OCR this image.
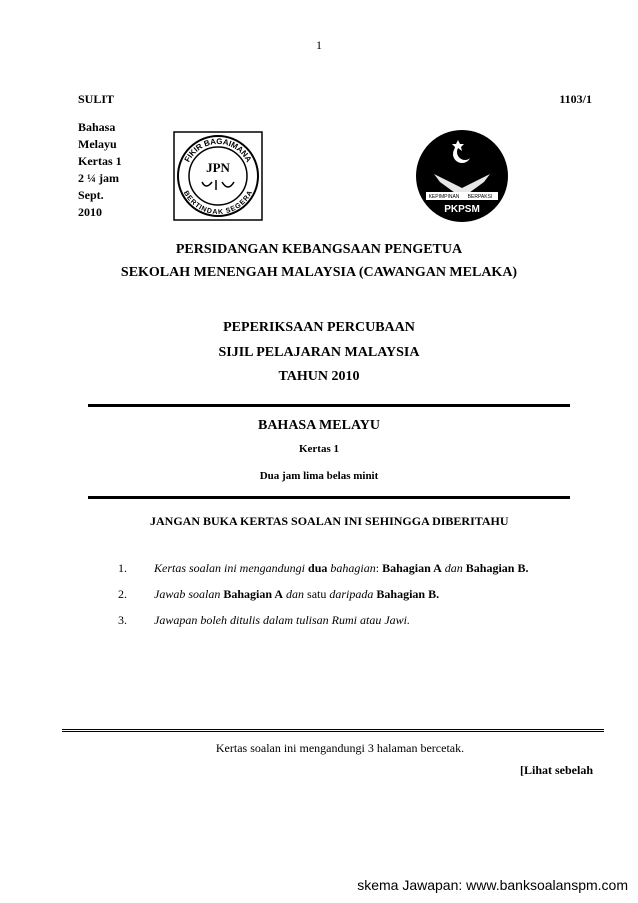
1
SULIT	1103/1
Bahasa
Melayu
Kertas 1
2 ¼ jam
Sept.
2010
FIKIR BAGAIMANA
BERTINDAK SEGERA
JPN
KEPIMPINAN BERPAKSI
PKPSM
PERSIDANGAN KEBANGSAAN PENGETUA
SEKOLAH MENENGAH MALAYSIA (CAWANGAN MELAKA)
PEPERIKSAAN PERCUBAAN
SIJIL PELAJARAN MALAYSIA
TAHUN 2010
BAHASA MELAYU
Kertas 1
Dua jam lima belas minit
JANGAN BUKA KERTAS SOALAN INI SEHINGGA DIBERITAHU
1. Kertas soalan ini mengandungi dua bahagian: Bahagian A dan Bahagian B.
2. Jawab soalan Bahagian A dan satu daripada Bahagian B.
3. Jawapan boleh ditulis dalam tulisan Rumi atau Jawi.
Kertas soalan ini mengandungi 3 halaman bercetak.
[Lihat sebelah
skema Jawapan: www.banksoalanspm.com
